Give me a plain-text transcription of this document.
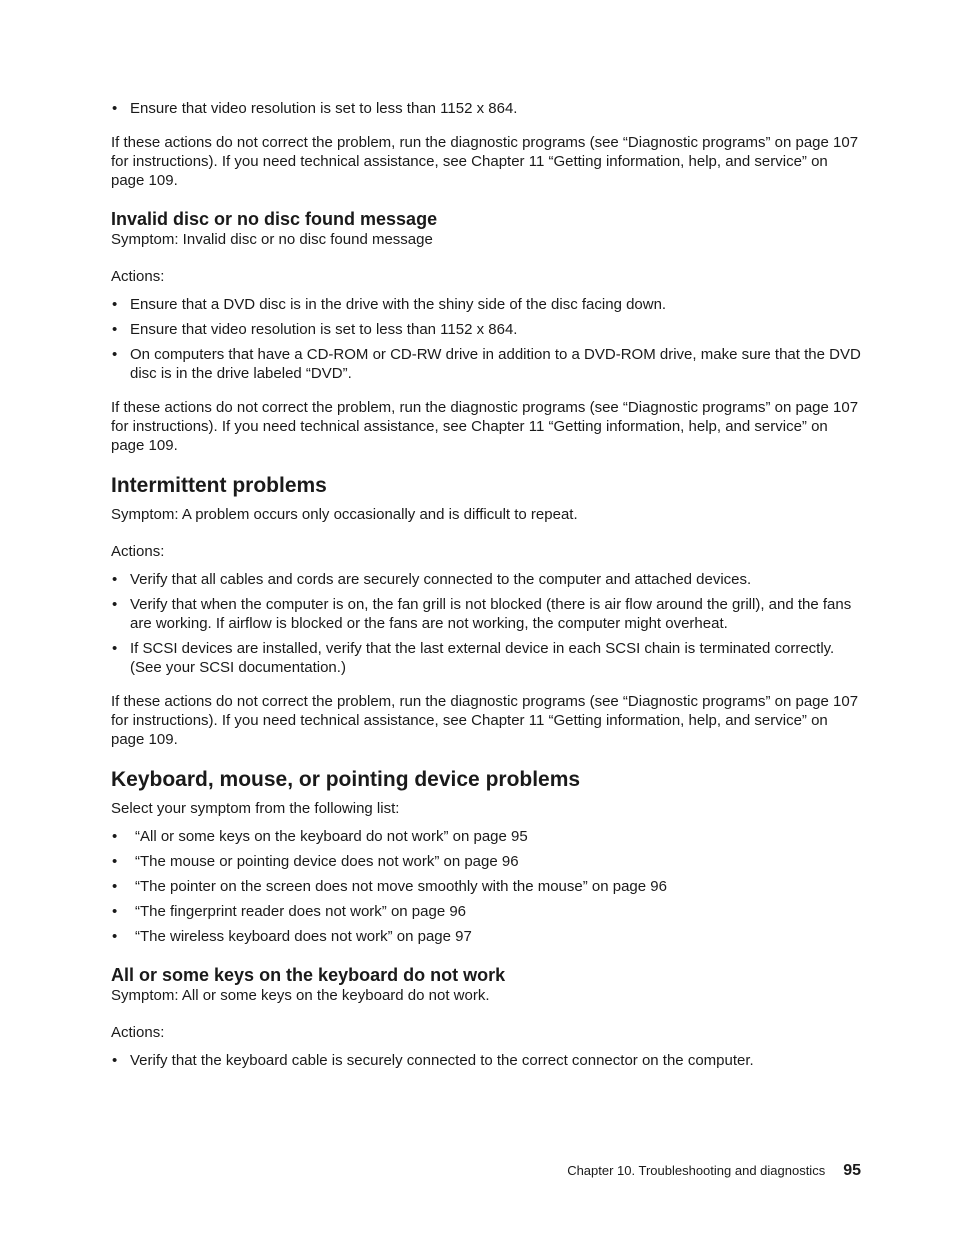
• Ensure that video resolution is set to less than 1152 x 864.

If these actions do not correct the problem, run the diagnostic programs (see “Diagnostic programs” on page 107 for instructions). If you need technical assistance, see Chapter 11 “Getting information, help, and service” on page 109.

Invalid disc or no disc found message

Symptom: Invalid disc or no disc found message

Actions:

• Ensure that a DVD disc is in the drive with the shiny side of the disc facing down.
• Ensure that video resolution is set to less than 1152 x 864.
• On computers that have a CD-ROM or CD-RW drive in addition to a DVD-ROM drive, make sure that the DVD disc is in the drive labeled “DVD”.

If these actions do not correct the problem, run the diagnostic programs (see “Diagnostic programs” on page 107 for instructions). If you need technical assistance, see Chapter 11 “Getting information, help, and service” on page 109.

Intermittent problems

Symptom: A problem occurs only occasionally and is difficult to repeat.

Actions:

• Verify that all cables and cords are securely connected to the computer and attached devices.
• Verify that when the computer is on, the fan grill is not blocked (there is air flow around the grill), and the fans are working. If airflow is blocked or the fans are not working, the computer might overheat.
• If SCSI devices are installed, verify that the last external device in each SCSI chain is terminated correctly. (See your SCSI documentation.)

If these actions do not correct the problem, run the diagnostic programs (see “Diagnostic programs” on page 107 for instructions). If you need technical assistance, see Chapter 11 “Getting information, help, and service” on page 109.

Keyboard, mouse, or pointing device problems

Select your symptom from the following list:

• “All or some keys on the keyboard do not work” on page 95
• “The mouse or pointing device does not work” on page 96
• “The pointer on the screen does not move smoothly with the mouse” on page 96
• “The fingerprint reader does not work” on page 96
• “The wireless keyboard does not work” on page 97
All or some keys on the keyboard do not work

Symptom: All or some keys on the keyboard do not work.

Actions:

• Verify that the keyboard cable is securely connected to the correct connector on the computer.
Chapter 10. Troubleshooting and diagnostics 95
